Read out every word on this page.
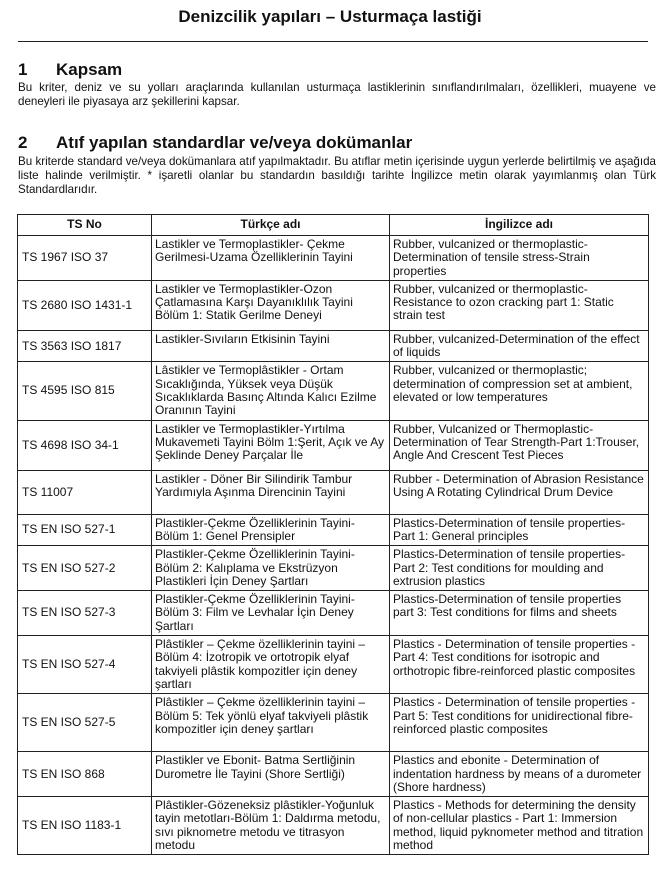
Denizcilik yapıları – Usturmaça lastiği
1 Kapsam
Bu kriter, deniz ve su yolları araçlarında kullanılan usturmaça lastiklerinin sınıflandırılmaları, özellikleri, muayene ve deneyleri ile piyasaya arz şekillerini kapsar.
2 Atıf yapılan standardlar ve/veya dokümanlar
Bu kriterde standard ve/veya dokümanlara atıf yapılmaktadır. Bu atıflar metin içerisinde uygun yerlerde belirtilmiş ve aşağıda liste halinde verilmiştir. * işaretli olanlar bu standardın basıldığı tarihte İngilizce metin olarak yayımlanmış olan Türk Standardlarıdır.
TS No	Türkçe adı	İngilizce adı
TS 1967 ISO 37	Lastikler ve Termoplastikler- Çekme Gerilmesi-Uzama Özelliklerinin Tayini	Rubber, vulcanized or thermoplastic-Determination of tensile stress-Strain properties
TS 2680 ISO 1431-1	Lastikler ve Termoplastikler-Ozon Çatlamasına Karşı Dayanıklılık Tayini Bölüm 1: Statik Gerilme Deneyi	Rubber, vulcanized or thermoplastic-Resistance to ozon cracking part 1: Static strain test
TS 3563 ISO 1817	Lastikler-Sıvıların Etkisinin Tayini	Rubber, vulcanized-Determination of the effect of liquids
TS 4595 ISO 815	Lâstikler ve Termoplâstikler - Ortam Sıcaklığında, Yüksek veya Düşük Sıcaklıklarda Basınç Altında Kalıcı Ezilme Oranının Tayini	Rubber, vulcanized or thermoplastic; determination of compression set at ambient, elevated or low temperatures
TS 4698 ISO 34-1	Lastikler ve Termoplastikler-Yırtılma Mukavemeti Tayini Bölm 1:Şerit, Açık ve Ay Şeklinde Deney Parçalar İle	Rubber, Vulcanized or Thermoplastic-Determination of Tear Strength-Part 1:Trouser, Angle And Crescent Test Pieces
TS 11007	Lastikler - Döner Bir Silindirik Tambur Yardımıyla Aşınma Direncinin Tayini	Rubber - Determination of Abrasion Resistance Using A Rotating Cylindrical Drum Device
TS EN ISO 527-1	Plastikler-Çekme Özelliklerinin Tayini-Bölüm 1: Genel Prensipler	Plastics-Determination of tensile properties-Part 1: General principles
TS EN ISO 527-2	Plastikler-Çekme Özelliklerinin Tayini-Bölüm 2: Kalıplama ve Ekstrüzyon Plastikleri İçin Deney Şartları	Plastics-Determination of tensile properties-Part 2: Test conditions for moulding and extrusion plastics
TS EN ISO 527-3	Plastikler-Çekme Özelliklerinin Tayini-Bölüm 3: Film ve Levhalar İçin Deney Şartları	Plastics-Determination of tensile properties part 3: Test conditions for films and sheets
TS EN ISO 527-4	Plâstikler – Çekme özelliklerinin tayini – Bölüm 4: İzotropik ve ortotropik elyaf takviyeli plâstik kompozitler için deney şartları	Plastics - Determination of tensile properties - Part 4: Test conditions for isotropic and orthotropic fibre-reinforced plastic composites
TS EN ISO 527-5	Plâstikler – Çekme özelliklerinin tayini – Bölüm 5: Tek yönlü elyaf takviyeli plâstik kompozitler için deney şartları	Plastics - Determination of tensile properties - Part 5: Test conditions for unidirectional fibre- reinforced plastic composites
TS EN ISO 868	Plastikler ve Ebonit- Batma Sertliğinin Durometre İle Tayini (Shore Sertliği)	Plastics and ebonite - Determination of indentation hardness by means of a durometer (Shore hardness)
TS EN ISO 1183-1	Plâstikler-Gözeneksiz plâstikler-Yoğunluk tayin metotları-Bölüm 1: Daldırma metodu, sıvı piknometre metodu ve titrasyon metodu	Plastics - Methods for determining the density of non-cellular plastics - Part 1: Immersion method, liquid pyknometer method and titration method
